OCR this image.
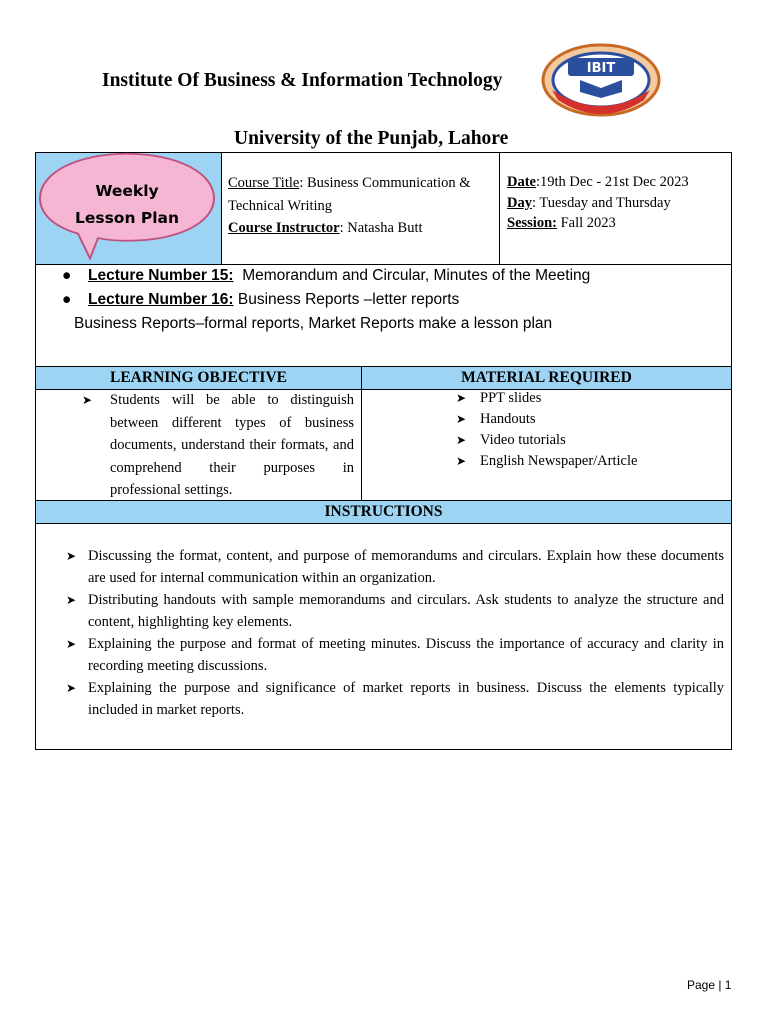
Institute Of Business & Information Technology
IBIT
University of the Punjab, Lahore
Weekly
Lesson Plan
Course Title: Business Communication & Technical Writing
Course Instructor: Natasha Butt
Date:19th Dec - 21st Dec 2023
Day: Tuesday and Thursday
Session: Fall 2023
●	Lecture Number 15:
Memorandum and Circular, Minutes of the Meeting
●	Lecture Number 16:
Business Reports –letter reports
Business Reports–formal reports, Market Reports make a lesson plan
LEARNING OBJECTIVE	MATERIAL REQUIRED
➤	Students will be able to distinguish between different types of business documents, understand their formats, and comprehend their purposes in professional settings.
➤ PPT slides
➤ Handouts
➤ Video tutorials
➤ English Newspaper/Article
INSTRUCTIONS
➤ Discussing the format, content, and purpose of memorandums and circulars. Explain how these documents are used for internal communication within an organization.
➤ Distributing handouts with sample memorandums and circulars. Ask students to analyze the structure and content, highlighting key elements.
➤ Explaining the purpose and format of meeting minutes. Discuss the importance of accuracy and clarity in recording meeting discussions.
➤ Explaining the purpose and significance of market reports in business. Discuss the elements typically included in market reports.
Page | 1
